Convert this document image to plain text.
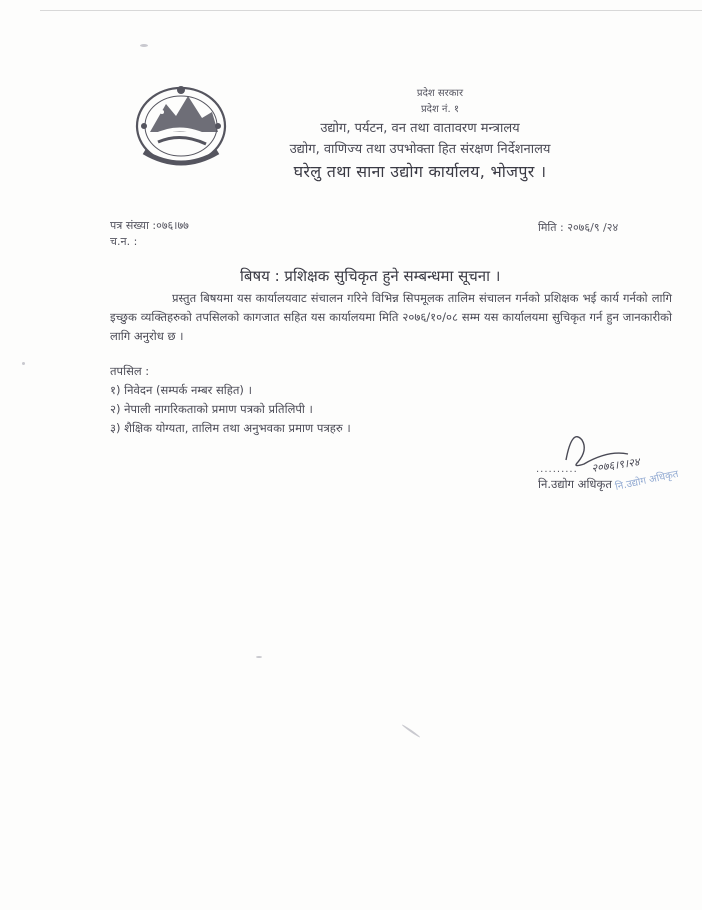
प्रदेश सरकार
प्रदेश नं. १
उद्योग, पर्यटन, वन तथा वातावरण मन्त्रालय
उद्योग, वाणिज्य तथा उपभोक्ता हित संरक्षण निर्देशनालय
घरेलु तथा साना उद्योग कार्यालय, भोजपुर ।
पत्र संख्या :०७६।७७
च.न. :
मिति : २०७६/९ /२४
बिषय : प्रशिक्षक सुचिकृत हुने सम्बन्धमा सूचना ।
प्रस्तुत बिषयमा यस कार्यालयवाट संचालन गरिने विभिन्न सिपमूलक तालिम संचालन गर्नको प्रशिक्षक भई कार्य गर्नको लागि इच्छुक व्यक्तिहरुको तपसिलको कागजात सहित यस कार्यालयमा मिति २०७६/१०/०८ सम्म यस कार्यालयमा सुचिकृत गर्न हुन जानकारीको लागि अनुरोध छ ।
तपसिल :
१) निवेदन (सम्पर्क नम्बर सहित) ।
२) नेपाली नागरिकताको प्रमाण पत्रको प्रतिलिपी ।
३) शैक्षिक योग्यता, तालिम तथा अनुभवका प्रमाण पत्रहरु ।
नि.उद्योग अधिकृत
२०७६।९।२४
..........
नि.उद्योग अधिकृत
